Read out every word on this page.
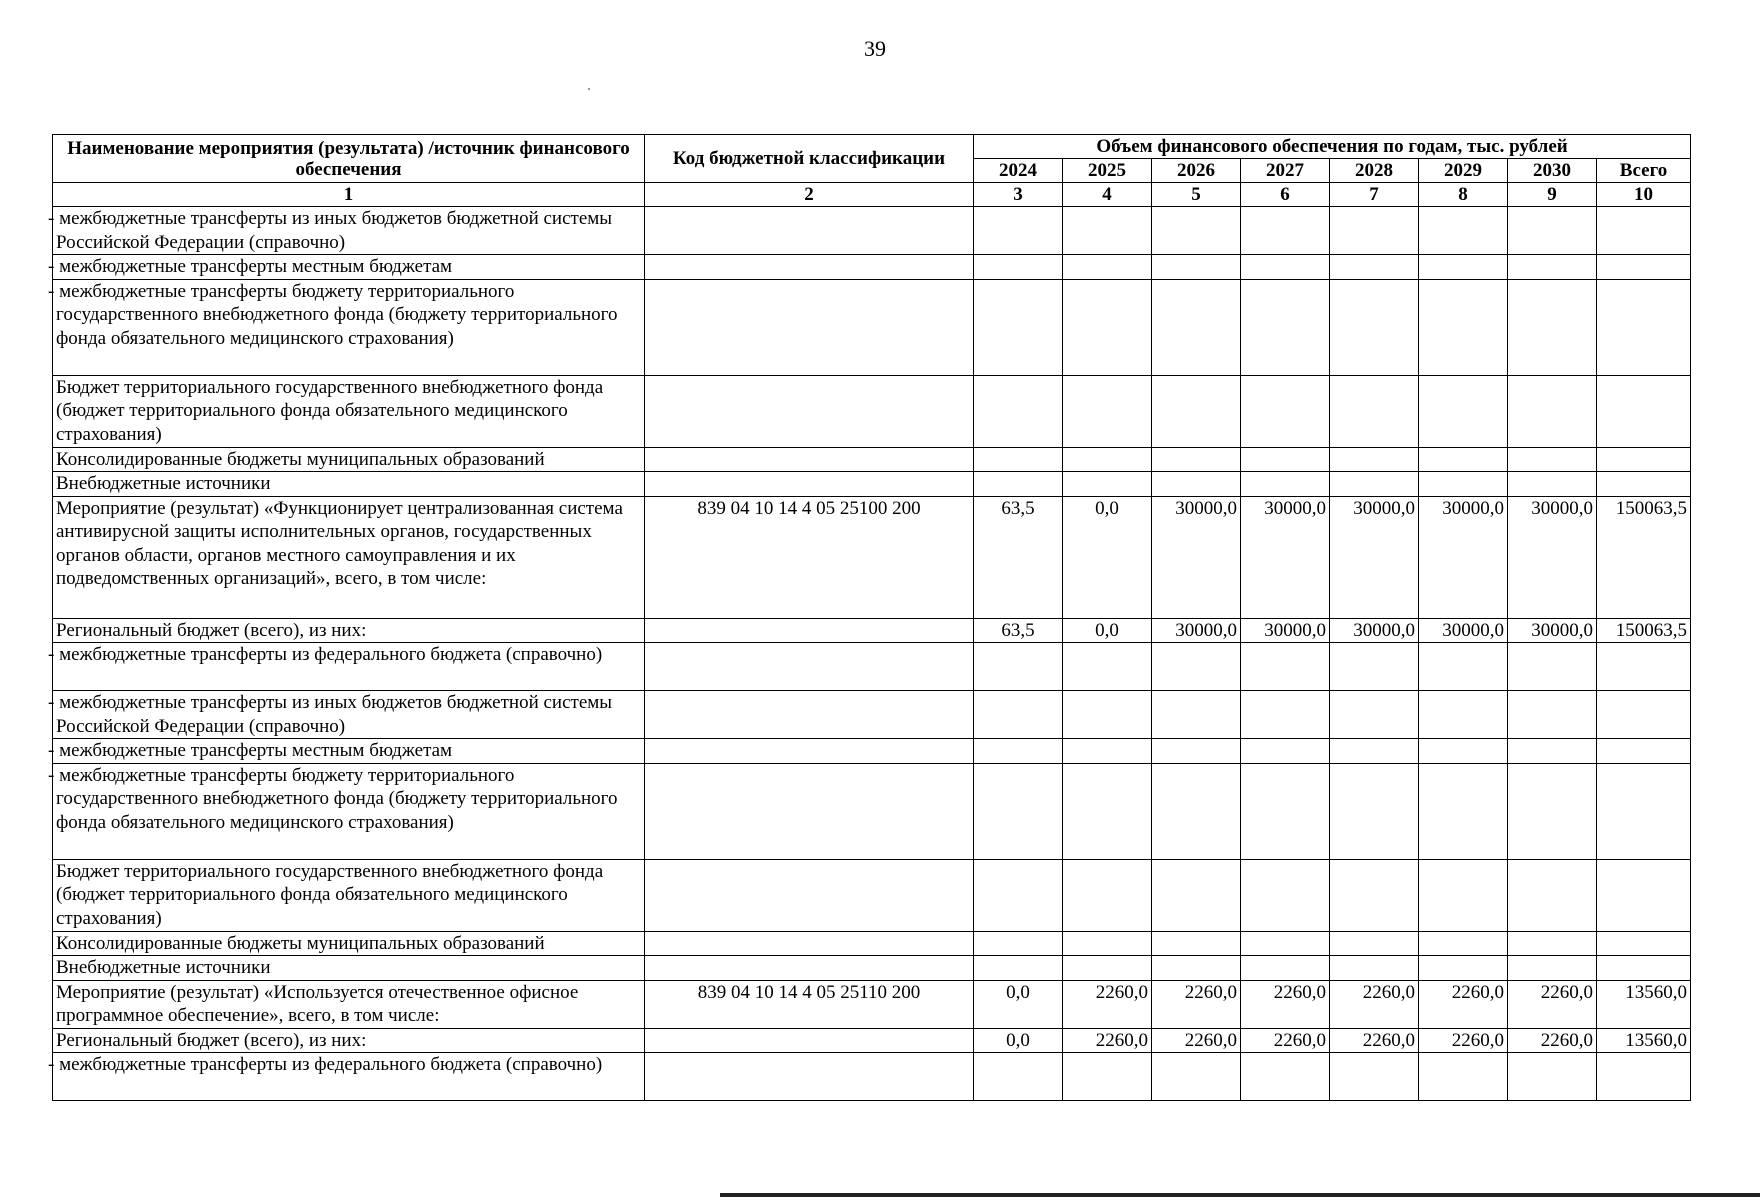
39
Наименование мероприятия (результата) /источник финансового обеспечения	Код бюджетной классификации	Объем финансового обеспечения по годам, тыс. рублей							
		2024	2025	2026	2027	2028	2029	2030	Всего
1	2	3	4	5	6	7	8	9	10
- межбюджетные трансферты из иных бюджетов бюджетной системы Российской Федерации (справочно)									
- межбюджетные трансферты местным бюджетам									
- межбюджетные трансферты бюджету территориального государственного внебюджетного фонда (бюджету территориального фонда обязательного медицинского страхования)									
Бюджет территориального государственного внебюджетного фонда (бюджет территориального фонда обязательного медицинского страхования)									
Консолидированные бюджеты муниципальных образований									
Внебюджетные источники									
Мероприятие (результат) «Функционирует централизованная система антивирусной защиты исполнительных органов, государственных органов области, органов местного самоуправления и их подведомственных организаций», всего, в том числе:	839 04 10 14 4 05 25100 200	63,5	0,0	30000,0	30000,0	30000,0	30000,0	30000,0	150063,5
Региональный бюджет (всего), из них:		63,5	0,0	30000,0	30000,0	30000,0	30000,0	30000,0	150063,5
- межбюджетные трансферты из федерального бюджета (справочно)									
- межбюджетные трансферты из иных бюджетов бюджетной системы Российской Федерации (справочно)									
- межбюджетные трансферты местным бюджетам									
- межбюджетные трансферты бюджету территориального государственного внебюджетного фонда (бюджету территориального фонда обязательного медицинского страхования)									
Бюджет территориального государственного внебюджетного фонда (бюджет территориального фонда обязательного медицинского страхования)									
Консолидированные бюджеты муниципальных образований									
Внебюджетные источники									
Мероприятие (результат) «Используется отечественное офисное программное обеспечение», всего, в том числе:	839 04 10 14 4 05 25110 200	0,0	2260,0	2260,0	2260,0	2260,0	2260,0	2260,0	13560,0
Региональный бюджет (всего), из них:		0,0	2260,0	2260,0	2260,0	2260,0	2260,0	2260,0	13560,0
- межбюджетные трансферты из федерального бюджета (справочно)									
